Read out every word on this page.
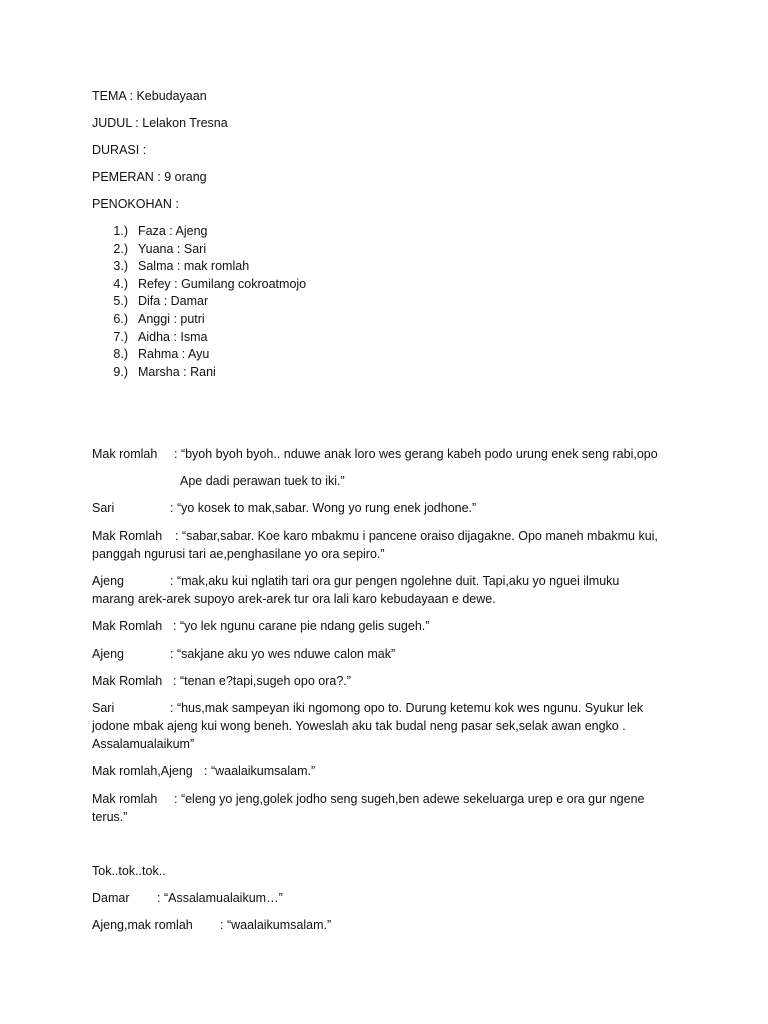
TEMA : Kebudayaan
JUDUL : Lelakon Tresna
DURASI :
PEMERAN : 9 orang
PENOKOHAN :
1.) Faza : Ajeng
2.) Yuana : Sari
3.) Salma : mak romlah
4.) Refey : Gumilang cokroatmojo
5.) Difa : Damar
6.) Anggi : putri
7.) Aidha : Isma
8.) Rahma : Ayu
9.) Marsha : Rani
Mak romlah : “byoh byoh byoh.. nduwe anak loro wes gerang kabeh podo urung enek seng rabi,opo
Ape dadi perawan tuek to iki.”
Sari	: “yo kosek to mak,sabar. Wong yo rung enek jodhone.”
Mak Romlah : “sabar,sabar. Koe karo mbakmu i pancene oraiso dijagakne. Opo maneh mbakmu kui,
panggah ngurusi tari ae,penghasilane yo ora sepiro.”
Ajeng	: “mak,aku kui nglatih tari ora gur pengen ngolehne duit. Tapi,aku yo nguei ilmuku
marang arek-arek supoyo arek-arek tur ora lali karo kebudayaan e dewe.
Mak Romlah : “yo lek ngunu carane pie ndang gelis sugeh.”
Ajeng	: “sakjane aku yo wes nduwe calon mak”
Mak Romlah : “tenan e?tapi,sugeh opo ora?.”
Sari	: “hus,mak sampeyan iki ngomong opo to. Durung ketemu kok wes ngunu. Syukur lek
jodone mbak ajeng kui wong beneh. Yoweslah aku tak budal neng pasar sek,selak awan engko .
Assalamualaikum”
Mak romlah,Ajeng : “waalaikumsalam.”
Mak romlah : “eleng yo jeng,golek jodho seng sugeh,ben adewe sekeluarga urep e ora gur ngene
terus.”
Tok..tok..tok..
Damar : “Assalamualaikum…”
Ajeng,mak romlah : “waalaikumsalam.”
